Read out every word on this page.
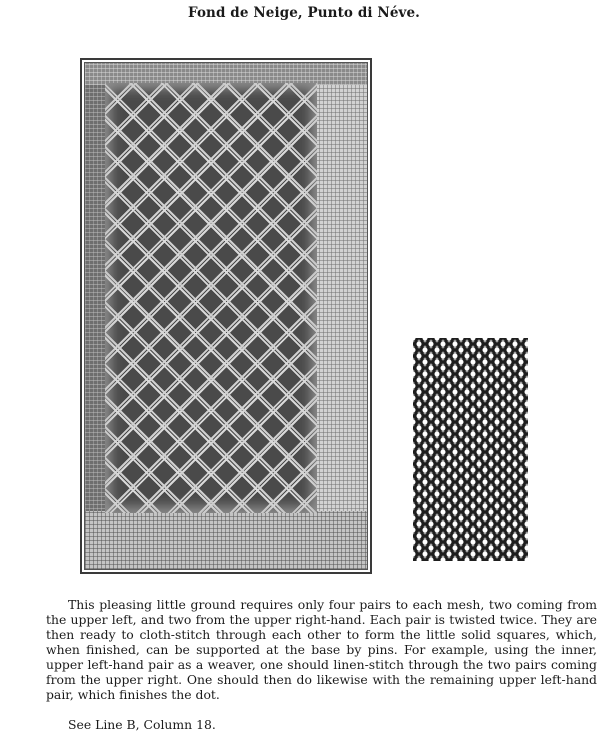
Fond de Neige, Punto di Néve.

This pleasing little ground requires only four pairs to each mesh, two coming from the upper left, and two from the upper right-hand. Each pair is twisted twice. They are then ready to cloth-stitch through each other to form the little solid squares, which, when finished, can be supported at the base by pins. For example, using the inner, upper left-hand pair as a weaver, one should linen-stitch through the two pairs coming from the upper right. One should then do likewise with the remaining upper left-hand pair, which finishes the dot.

See Line B, Column 18.
